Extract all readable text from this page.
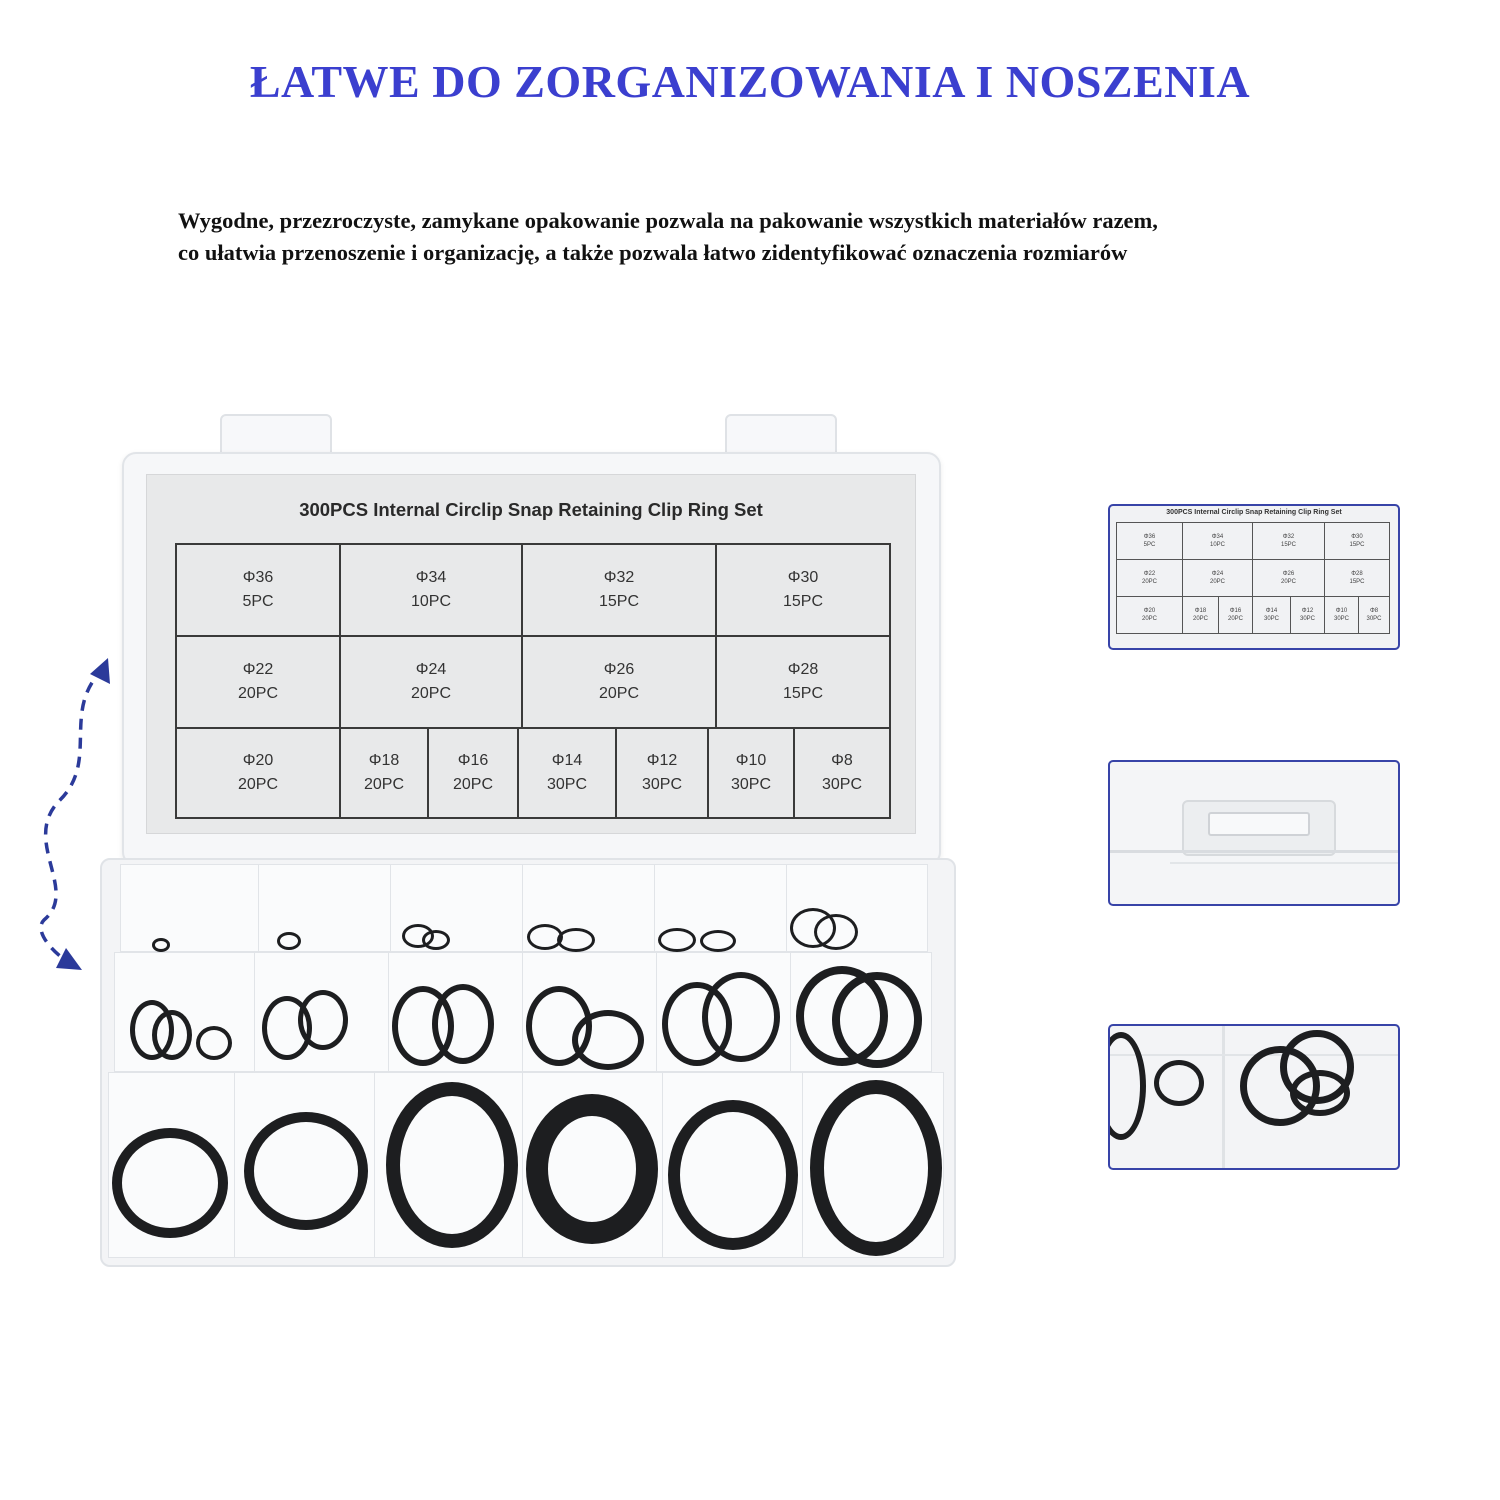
ŁATWE DO ZORGANIZOWANIA I NOSZENIA
Wygodne, przezroczyste, zamykane opakowanie pozwala na pakowanie wszystkich materiałów razem,
co ułatwia przenoszenie i organizację, a także pozwala łatwo zidentyfikować oznaczenia rozmiarów
300PCS Internal Circlip Snap Retaining Clip Ring Set
Φ36
5PC
Φ34
10PC
Φ32
15PC
Φ30
15PC
Φ22
20PC
Φ24
20PC
Φ26
20PC
Φ28
15PC
Φ20
20PC
Φ18
20PC
Φ16
20PC
Φ14
30PC
Φ12
30PC
Φ10
30PC
Φ8
30PC
300PCS Internal Circlip Snap Retaining Clip Ring Set
Φ36
5PC
Φ34
10PC
Φ32
15PC
Φ30
15PC
Φ22
20PC
Φ24
20PC
Φ26
20PC
Φ28
15PC
Φ20
20PC
Φ18
20PC
Φ16
20PC
Φ14
30PC
Φ12
30PC
Φ10
30PC
Φ8
30PC
